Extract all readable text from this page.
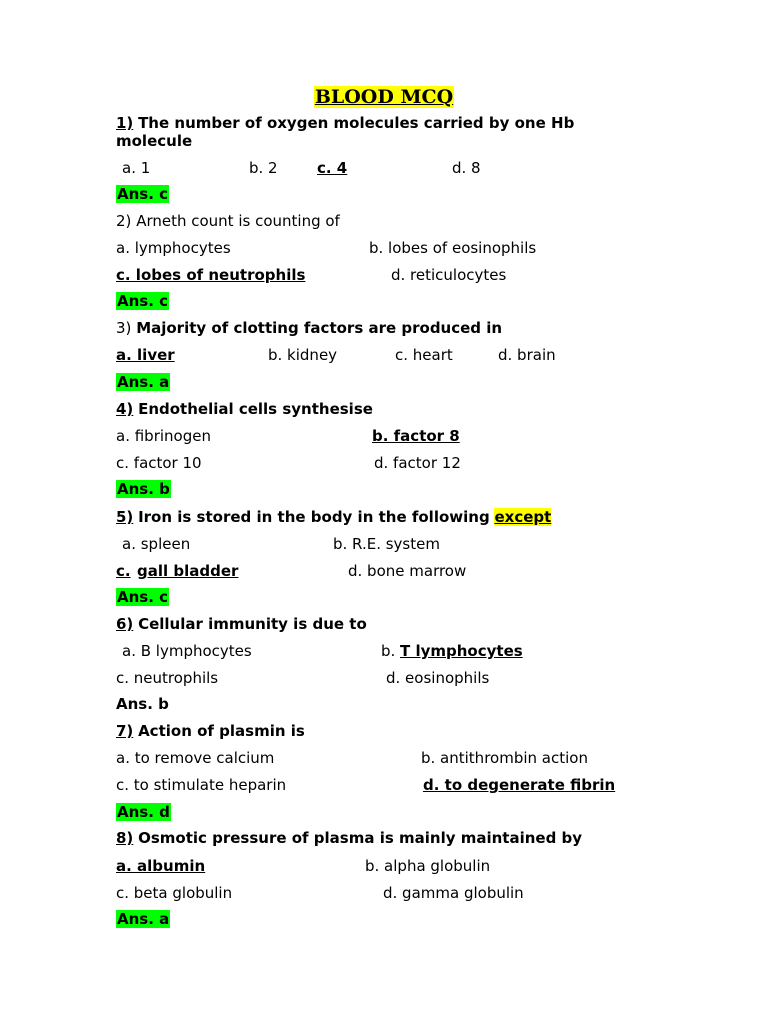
BLOOD MCQ
1) The number of oxygen molecules carried by one Hb
molecule
a. 1	b. 2	c. 4	d. 8
Ans. c
2) Arneth count is counting of
a. lymphocytes	b. lobes of eosinophils
c. lobes of neutrophils	d. reticulocytes
Ans. c
3) Majority of clotting factors are produced in
a. liver	b. kidney	c. heart	d. brain
Ans. a
4) Endothelial cells synthesise
a. fibrinogen	b. factor 8
c. factor 10	d. factor 12
Ans. b
5) Iron is stored in the body in the following except
a. spleen	b. R.E. system
c. gall bladder	d. bone marrow
Ans. c
6) Cellular immunity is due to
a. B lymphocytes	b. T lymphocytes
c. neutrophils	d. eosinophils
Ans. b
7) Action of plasmin is
a. to remove calcium	b. antithrombin action
c. to stimulate heparin	d. to degenerate fibrin
Ans. d
8) Osmotic pressure of plasma is mainly maintained by
a. albumin	b. alpha globulin
c. beta globulin	d. gamma globulin
Ans. a
